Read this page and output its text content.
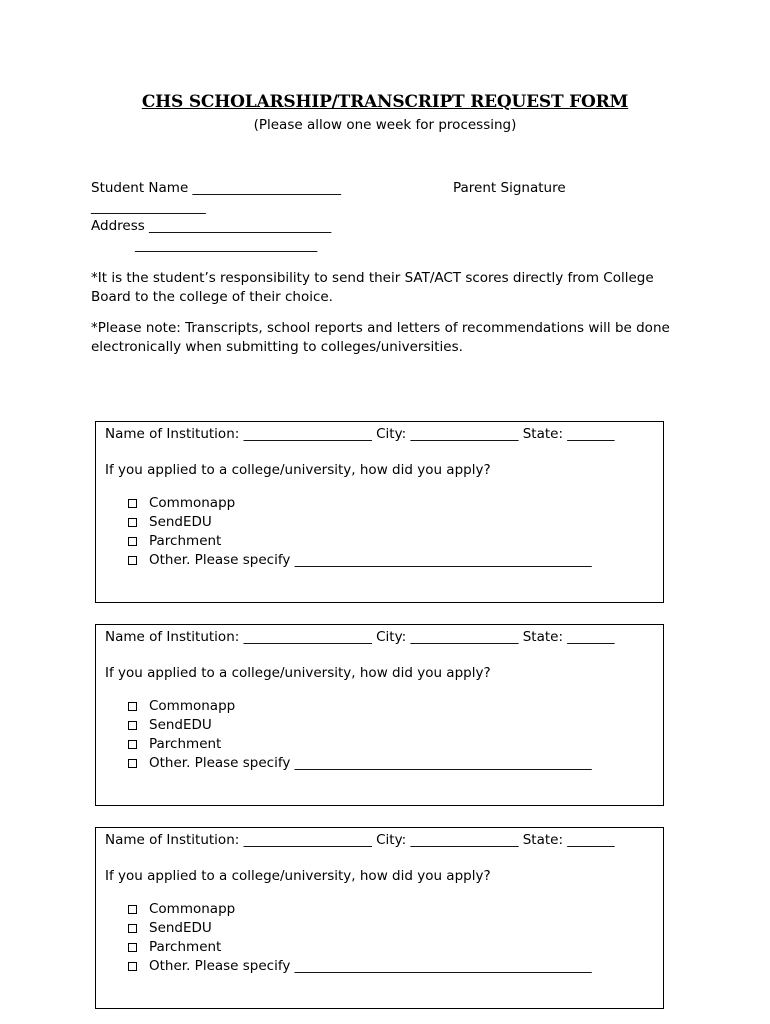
CHS SCHOLARSHIP/TRANSCRIPT REQUEST FORM
(Please allow one week for processing)
Student Name ______________________	Parent Signature
_________________
Address ___________________________
___________________________
*It is the student’s responsibility to send their SAT/ACT scores directly from College Board to the college of their choice.
*Please note: Transcripts, school reports and letters of recommendations will be done electronically when submitting to colleges/universities.
Name of Institution: ___________________ City: ________________ State: _______
If you applied to a college/university, how did you apply?
Commonapp
SendEDU
Parchment
Other. Please specify ____________________________________________
Name of Institution: ___________________ City: ________________ State: _______
If you applied to a college/university, how did you apply?
Commonapp
SendEDU
Parchment
Other. Please specify ____________________________________________
Name of Institution: ___________________ City: ________________ State: _______
If you applied to a college/university, how did you apply?
Commonapp
SendEDU
Parchment
Other. Please specify ____________________________________________
